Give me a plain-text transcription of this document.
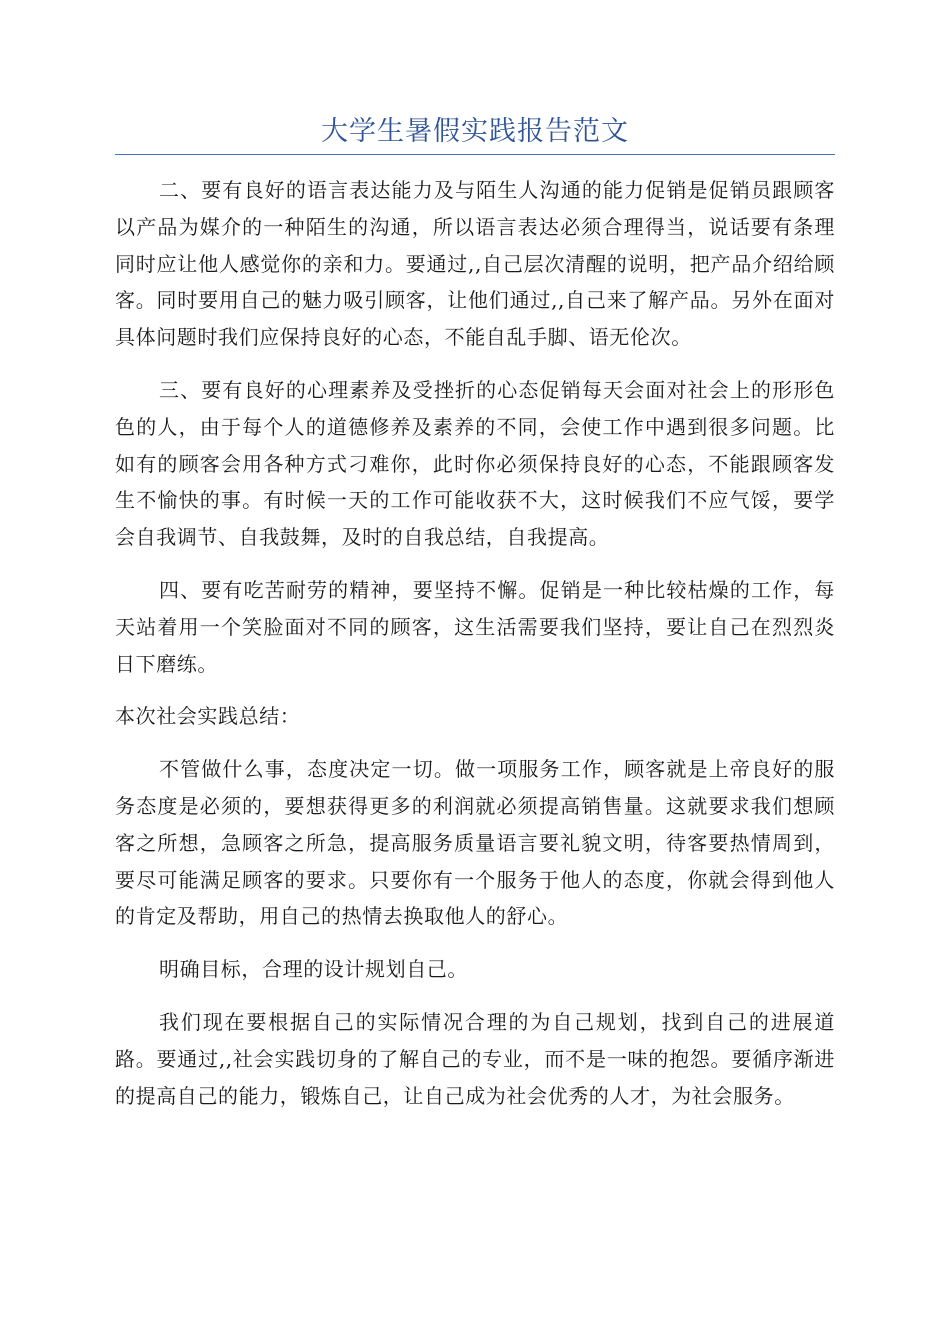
大学生暑假实践报告范文

二、要有良好的语言表达能力及与陌生人沟通的能力促销是促销员跟顾客以产品为媒介的一种陌生的沟通，所以语言表达必须合理得当，说话要有条理同时应让他人感觉你的亲和力。要通过,,自己层次清醒的说明，把产品介绍给顾客。同时要用自己的魅力吸引顾客，让他们通过,,自己来了解产品。另外在面对具体问题时我们应保持良好的心态，不能自乱手脚、语无伦次。

三、要有良好的心理素养及受挫折的心态促销每天会面对社会上的形形色色的人，由于每个人的道德修养及素养的不同，会使工作中遇到很多问题。比如有的顾客会用各种方式刁难你，此时你必须保持良好的心态，不能跟顾客发生不愉快的事。有时候一天的工作可能收获不大，这时候我们不应气馁，要学会自我调节、自我鼓舞，及时的自我总结，自我提高。

四、要有吃苦耐劳的精神，要坚持不懈。促销是一种比较枯燥的工作，每天站着用一个笑脸面对不同的顾客，这生活需要我们坚持，要让自己在烈烈炎日下磨练。

本次社会实践总结：

不管做什么事，态度决定一切。做一项服务工作，顾客就是上帝良好的服务态度是必须的，要想获得更多的利润就必须提高销售量。这就要求我们想顾客之所想，急顾客之所急，提高服务质量语言要礼貌文明，待客要热情周到，要尽可能满足顾客的要求。只要你有一个服务于他人的态度，你就会得到他人的肯定及帮助，用自己的热情去换取他人的舒心。

明确目标，合理的设计规划自己。

我们现在要根据自己的实际情况合理的为自己规划，找到自己的进展道路。要通过,,社会实践切身的了解自己的专业，而不是一味的抱怨。要循序渐进的提高自己的能力，锻炼自己，让自己成为社会优秀的人才，为社会服务。
